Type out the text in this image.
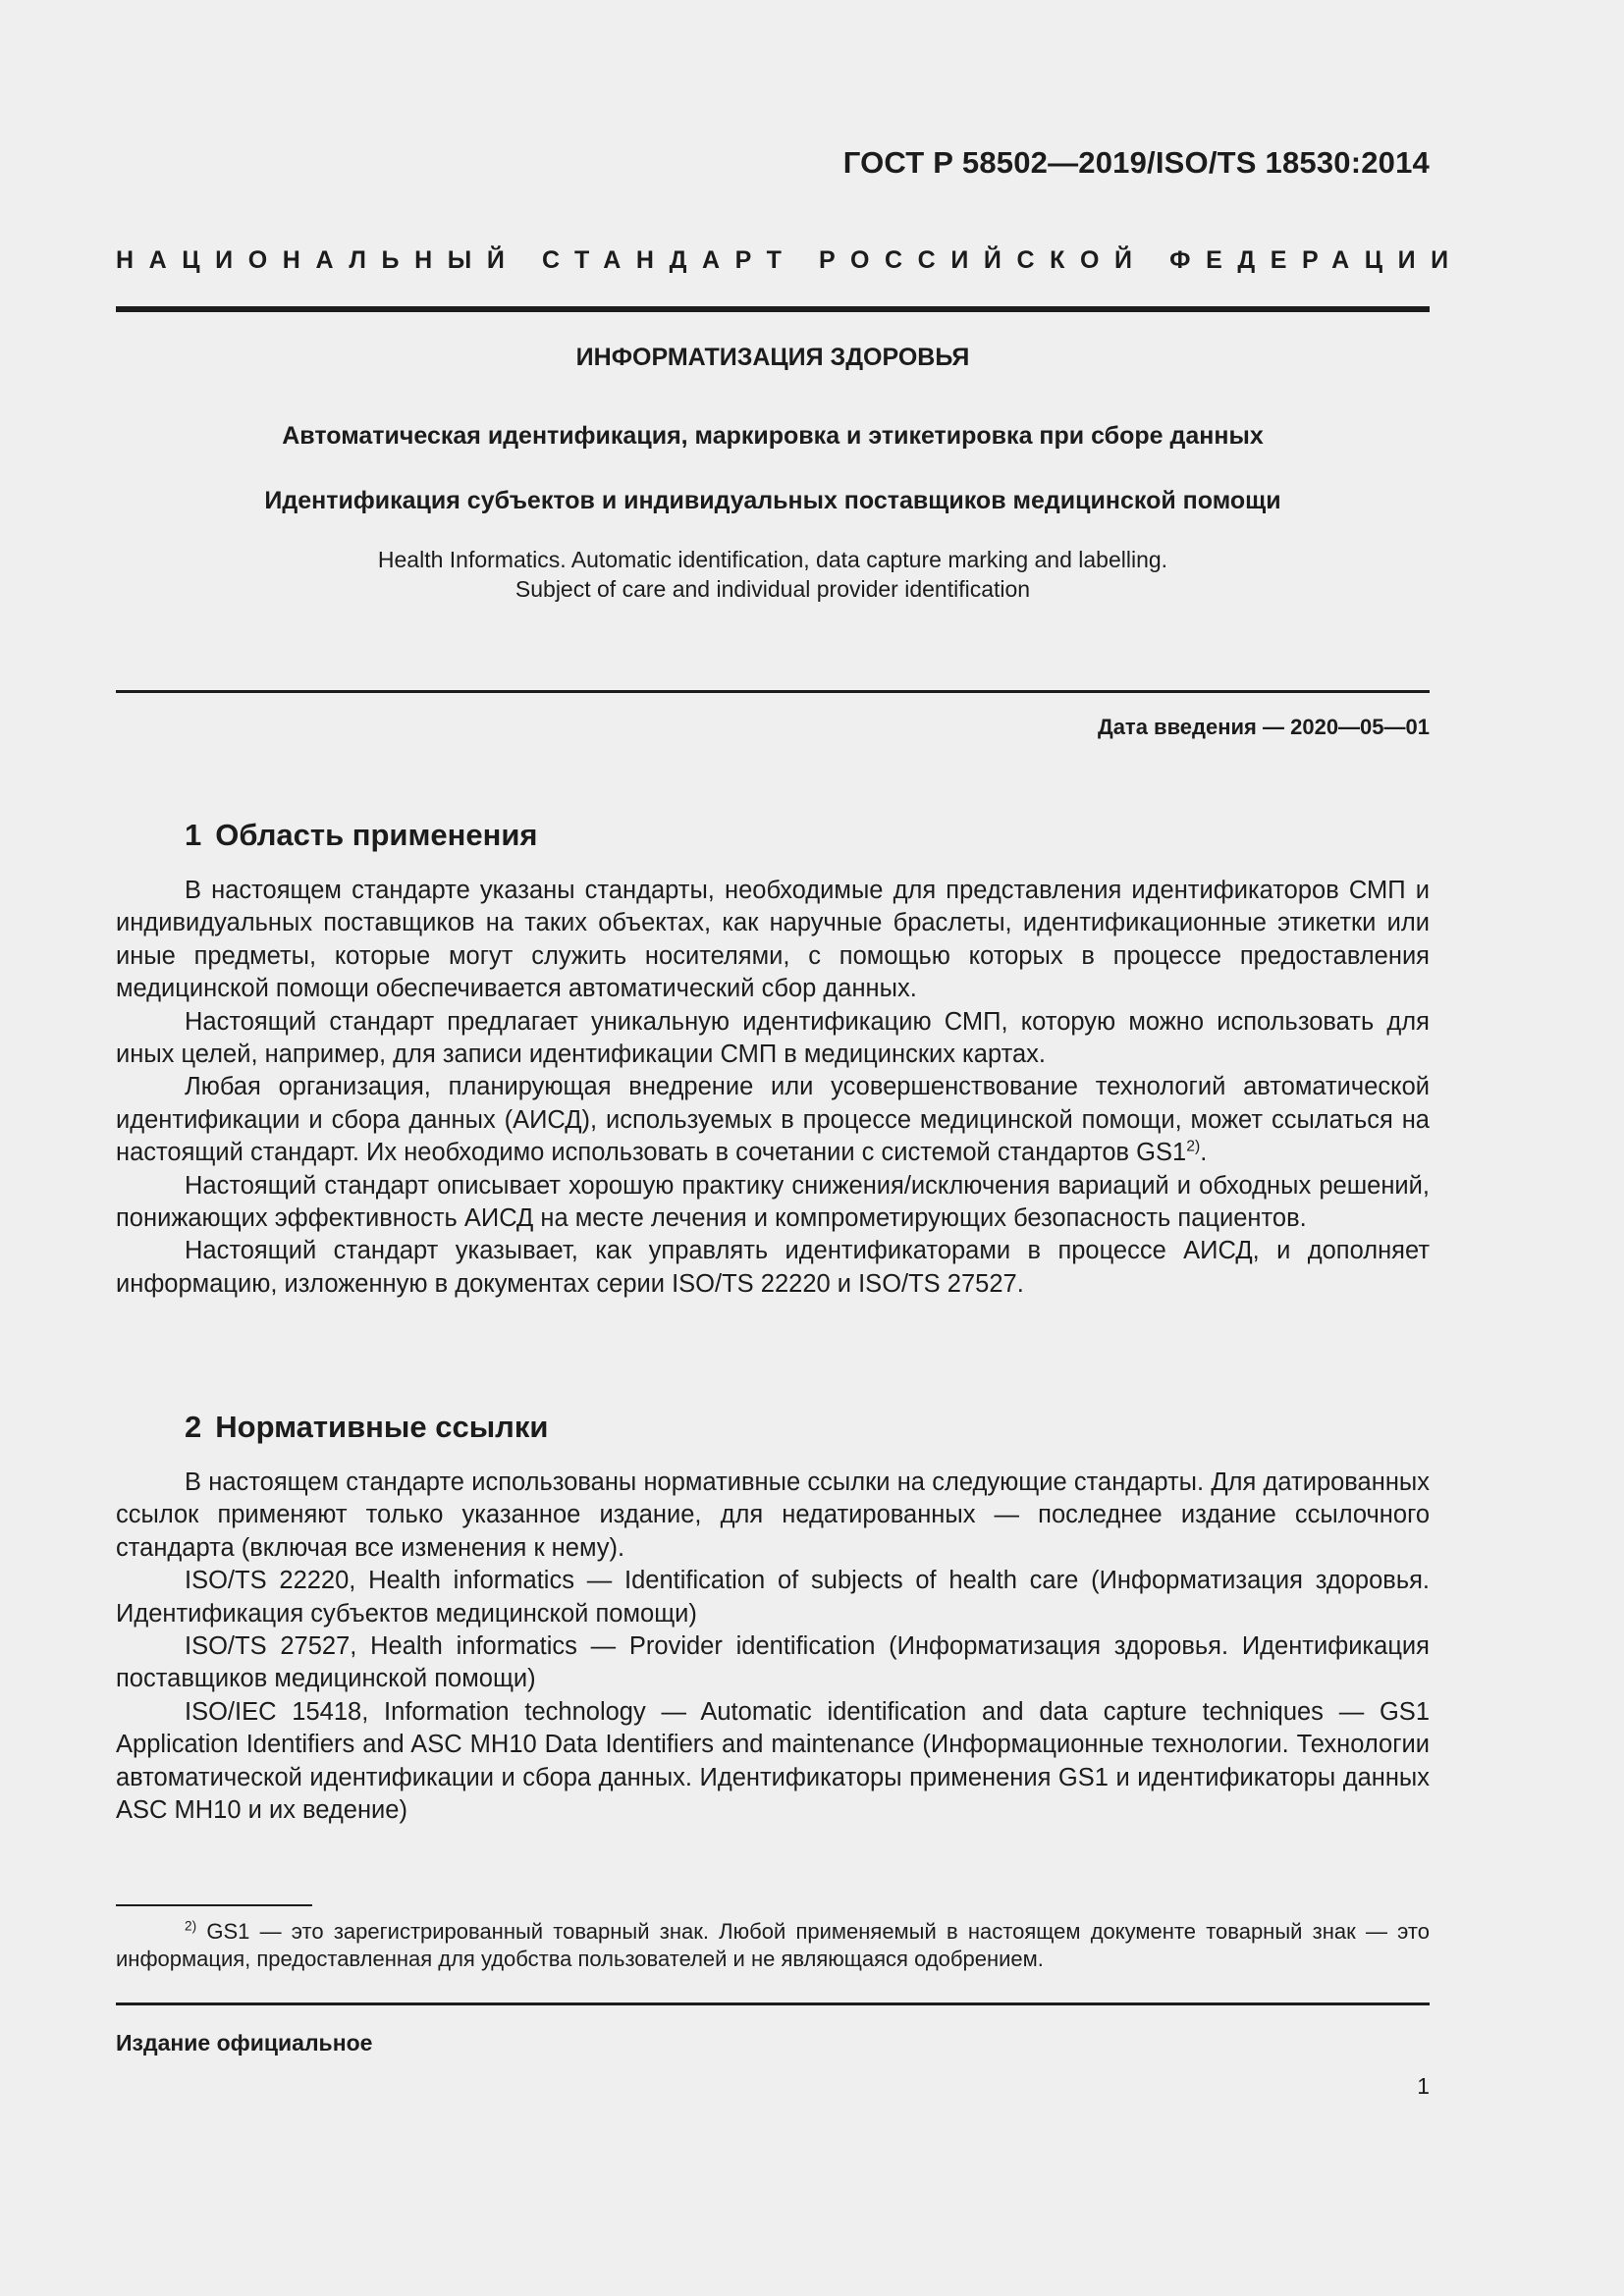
ГОСТ Р 58502—2019/ISO/TS 18530:2014
НАЦИОНАЛЬНЫЙ СТАНДАРТ РОССИЙСКОЙ ФЕДЕРАЦИИ
ИНФОРМАТИЗАЦИЯ ЗДОРОВЬЯ
Автоматическая идентификация, маркировка и этикетировка при сборе данных
Идентификация субъектов и индивидуальных поставщиков медицинской помощи
Health Informatics. Automatic identification, data capture marking and labelling.
Subject of care and individual provider identification
Дата введения — 2020—05—01
1 Область применения

В настоящем стандарте указаны стандарты, необходимые для представления идентификаторов СМП и индивидуальных поставщиков на таких объектах, как наручные браслеты, идентификационные этикетки или иные предметы, которые могут служить носителями, с помощью которых в процессе предоставления медицинской помощи обеспечивается автоматический сбор данных.

Настоящий стандарт предлагает уникальную идентификацию СМП, которую можно использовать для иных целей, например, для записи идентификации СМП в медицинских картах.

Любая организация, планирующая внедрение или усовершенствование технологий автоматической идентификации и сбора данных (АИСД), используемых в процессе медицинской помощи, может ссылаться на настоящий стандарт. Их необходимо использовать в сочетании с системой стандартов GS1$^{2)}$.

Настоящий стандарт описывает хорошую практику снижения/исключения вариаций и обходных решений, понижающих эффективность АИСД на месте лечения и компрометирующих безопасность пациентов.

Настоящий стандарт указывает, как управлять идентификаторами в процессе АИСД, и дополняет информацию, изложенную в документах серии ISO/TS 22220 и ISO/TS 27527.

2 Нормативные ссылки

В настоящем стандарте использованы нормативные ссылки на следующие стандарты. Для датированных ссылок применяют только указанное издание, для недатированных — последнее издание ссылочного стандарта (включая все изменения к нему).

ISO/TS 22220, Health informatics — Identification of subjects of health care (Информатизация здоровья. Идентификация субъектов медицинской помощи)

ISO/TS 27527, Health informatics — Provider identification (Информатизация здоровья. Идентификация поставщиков медицинской помощи)

ISO/IEC 15418, Information technology — Automatic identification and data capture techniques — GS1 Application Identifiers and ASC MH10 Data Identifiers and maintenance (Информационные технологии. Технологии автоматической идентификации и сбора данных. Идентификаторы применения GS1 и идентификаторы данных ASC MH10 и их ведение)

$^{2)}$ GS1 — это зарегистрированный товарный знак. Любой применяемый в настоящем документе товарный знак — это информация, предоставленная для удобства пользователей и не являющаяся одобрением.

Издание официальное
1
